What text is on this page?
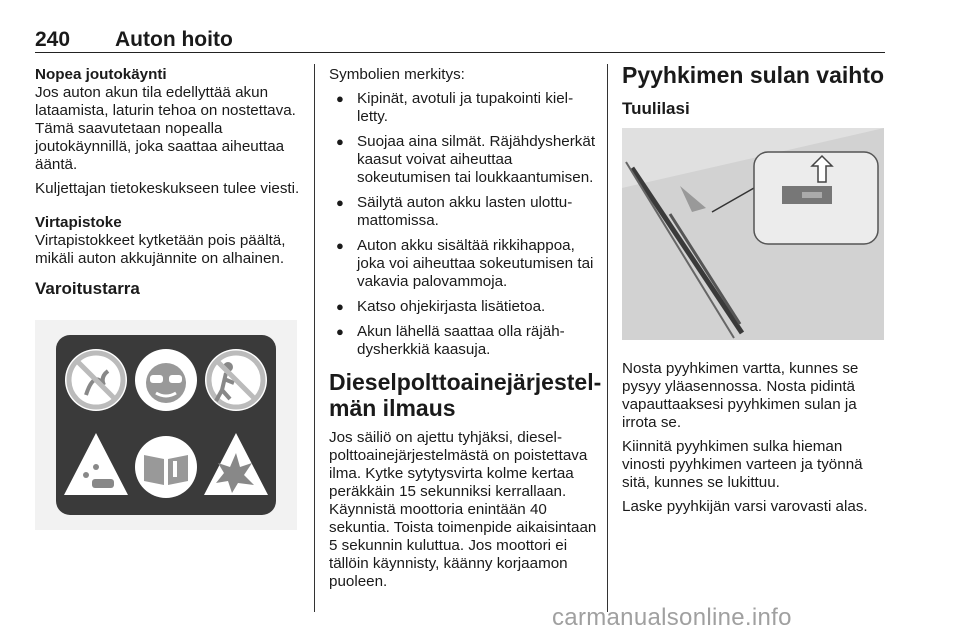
240 Auton hoito

Nopea joutokäynti

Jos auton akun tila edellyttää akun lataamista, laturin tehoa on nostettava. Tämä saavutetaan nopealla joutokäynnillä, joka saattaa aiheuttaa ääntä.

Kuljettajan tietokeskukseen tulee viesti.

Virtapistoke

Virtapistokkeet kytketään pois päältä, mikäli auton akkujännite on alhainen.

Varoitustarra

Symbolien merkitys:

● Kipinät, avotuli ja tupakointi kielletty.
● Suojaa aina silmät. Räjähdysherkät kaasut voivat aiheuttaa sokeutumisen tai loukkaantumisen.
● Säilytä auton akku lasten ulottumattomissa.
● Auton akku sisältää rikkihappoa, joka voi aiheuttaa sokeutumisen tai vakavia palovammoja.
● Katso ohjekirjasta lisätietoa.
● Akun lähellä saattaa olla räjähdysherkkiä kaasuja.
Dieselpolttoainejärjestelmän ilmaus

Jos säiliö on ajettu tyhjäksi, dieselpolttoainejärjestelmästä on poistettava ilma. Kytke sytytysvirta kolme kertaa peräkkäin 15 sekunniksi kerrallaan. Käynnistä moottoria enintään 40 sekuntia. Toista toimenpide aikaisintaan 5 sekunnin kuluttua. Jos moottori ei tällöin käynnisty, käänny korjaamon puoleen.

Pyyhkimen sulan vaihto
Tuulilasi

Nosta pyyhkimen vartta, kunnes se pysyy yläasennossa. Nosta pidintä vapauttaaksesi pyyhkimen sulan ja irrota se.

Kiinnitä pyyhkimen sulka hieman vinosti pyyhkimen varteen ja työnnä sitä, kunnes se lukittuu.

Laske pyyhkijän varsi varovasti alas.

carmanualsonline.info
